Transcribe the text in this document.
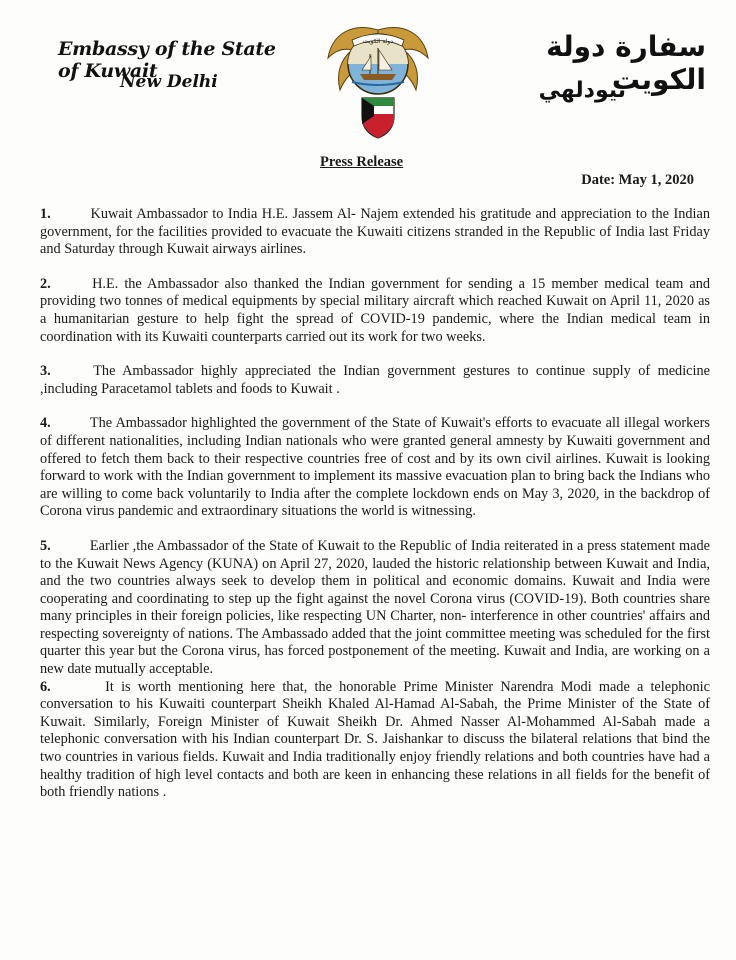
Embassy of the State of Kuwait
New Delhi
دولة الكويت	سفارة دولة الكويت
نيودلهي
Press Release
Date: May 1, 2020

1.	Kuwait Ambassador to India H.E. Jassem Al- Najem extended his gratitude and appreciation to the Indian government, for the facilities provided to evacuate the Kuwaiti citizens stranded in the Republic of India last Friday and Saturday through Kuwait airways airlines.

2.	H.E. the Ambassador also thanked the Indian government for sending a 15 member medical team and providing two tonnes of medical equipments by special military aircraft which reached Kuwait on April 11, 2020 as a humanitarian gesture to help fight the spread of COVID-19 pandemic, where the Indian medical team in coordination with its Kuwaiti counterparts carried out its work for two weeks.

3.	The Ambassador highly appreciated the Indian government gestures to continue supply of medicine ,including Paracetamol tablets and foods to Kuwait .

4.	The Ambassador highlighted the government of the State of Kuwait's efforts to evacuate all illegal workers of different nationalities, including Indian nationals who were granted general amnesty by Kuwaiti government and offered to fetch them back to their respective countries free of cost and by its own civil airlines. Kuwait is looking forward to work with the Indian government to implement its massive evacuation plan to bring back the Indians who are willing to come back voluntarily to India after the complete lockdown ends on May 3, 2020, in the backdrop of Corona virus pandemic and extraordinary situations the world is witnessing.

5.	Earlier ,the Ambassador of the State of Kuwait to the Republic of India reiterated in a press statement made to the Kuwait News Agency (KUNA) on April 27, 2020, lauded the historic relationship between Kuwait and India, and the two countries always seek to develop them in political and economic domains. Kuwait and India were cooperating and coordinating to step up the fight against the novel Corona virus (COVID-19). Both countries share many principles in their foreign policies, like respecting UN Charter, non- interference in other countries' affairs and respecting sovereignty of nations. The Ambassado added that the joint committee meeting was scheduled for the first quarter this year but the Corona virus, has forced postponement of the meeting. Kuwait and India, are working on a new date mutually acceptable.

6.	It is worth mentioning here that, the honorable Prime Minister Narendra Modi made a telephonic conversation to his Kuwaiti counterpart Sheikh Khaled Al-Hamad Al-Sabah, the Prime Minister of the State of Kuwait. Similarly, Foreign Minister of Kuwait Sheikh Dr. Ahmed Nasser Al-Mohammed Al-Sabah made a telephonic conversation with his Indian counterpart Dr. S. Jaishankar to discuss the bilateral relations that bind the two countries in various fields. Kuwait and India traditionally enjoy friendly relations and both countries have had a healthy tradition of high level contacts and both are keen in enhancing these relations in all fields for the benefit of both friendly nations .
